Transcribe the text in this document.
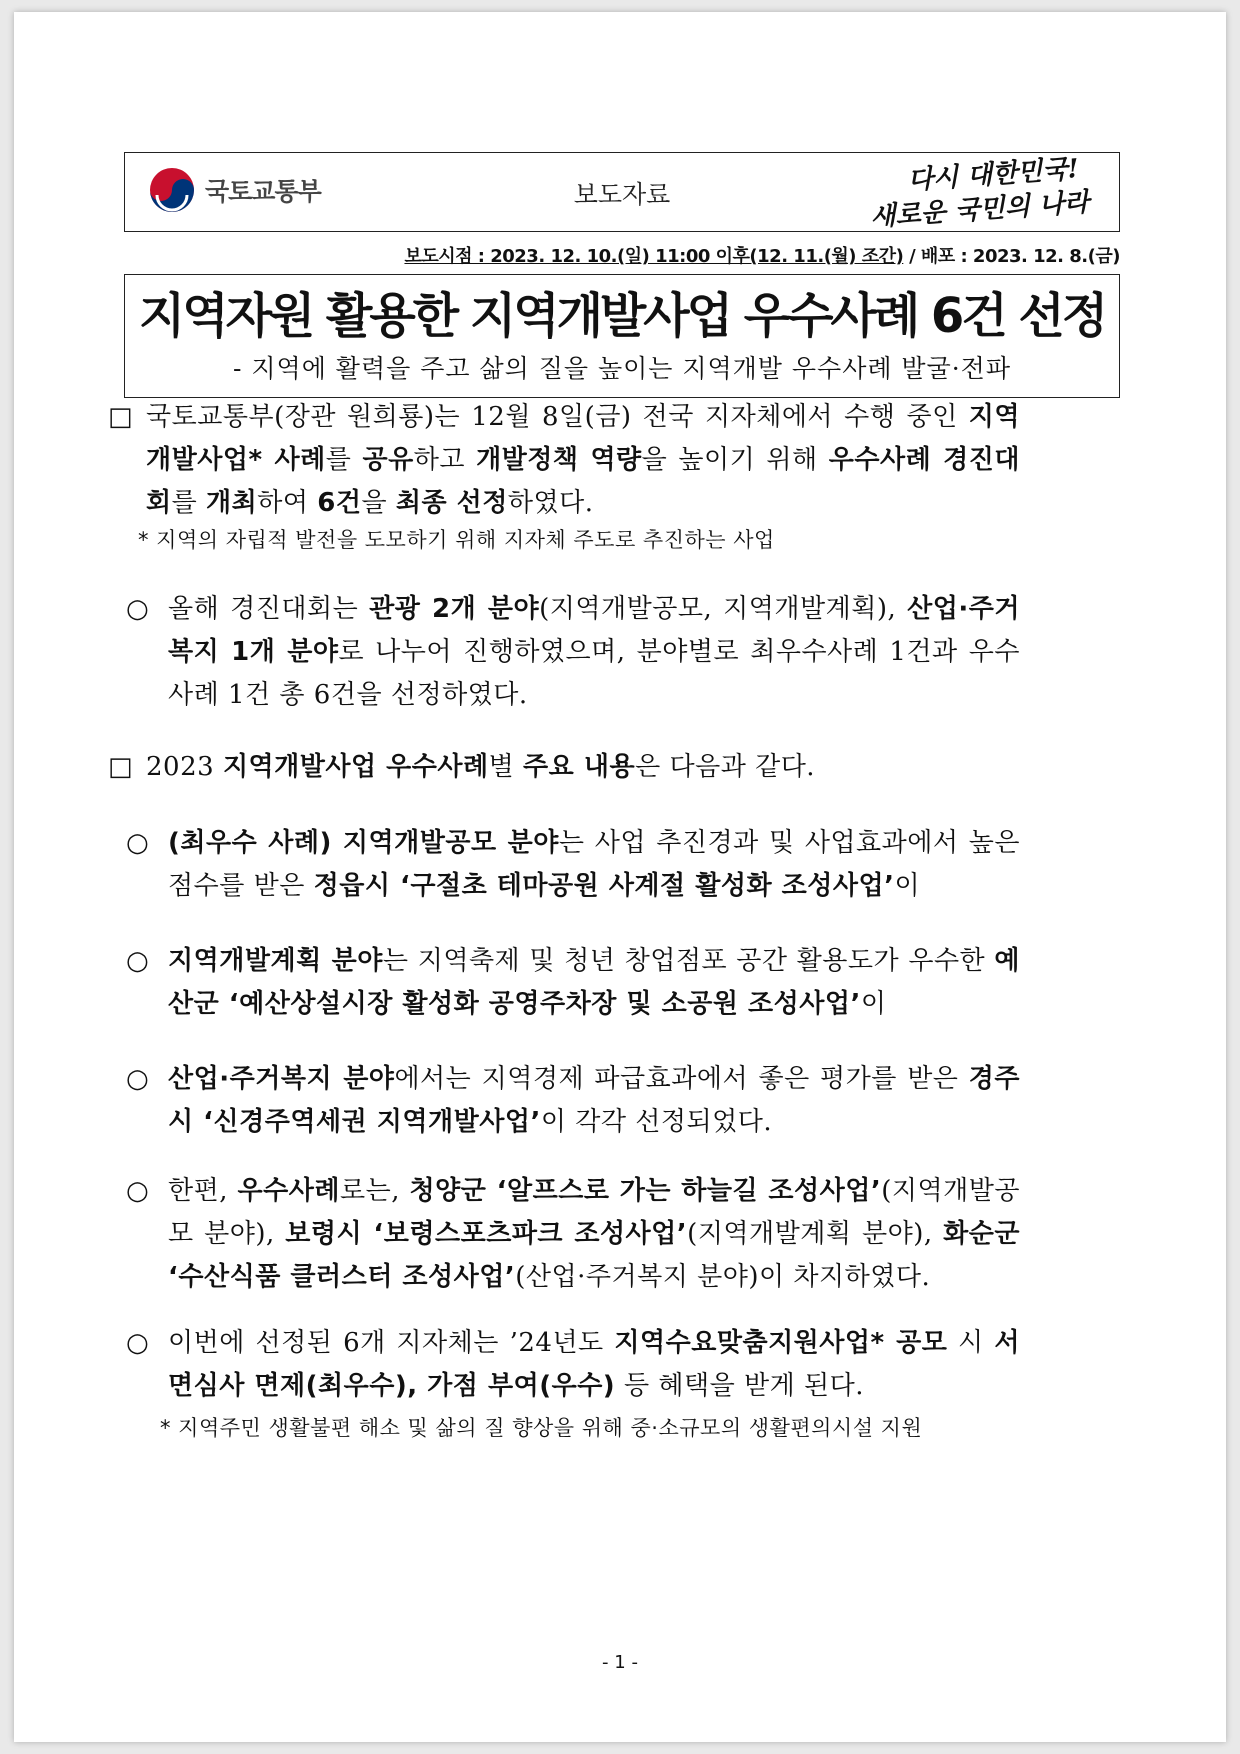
국토교통부	보도자료	다시 대한민국!
새로운 국민의 나라
보도시점 : 2023. 12. 10.(일) 11:00 이후(12. 11.(월) 조간) / 배포 : 2023. 12. 8.(금)
지역자원 활용한 지역개발사업 우수사례 6건 선정
- 지역에 활력을 주고 삶의 질을 높이는 지역개발 우수사례 발굴·전파
□ 국토교통부(장관 원희룡)는 12월 8일(금) 전국 지자체에서 수행 중인 지역개발사업* 사례를 공유하고 개발정책 역량을 높이기 위해 우수사례 경진대회를 개최하여 6건을 최종 선정하였다.
* 지역의 자립적 발전을 도모하기 위해 지자체 주도로 추진하는 사업
○ 올해 경진대회는 관광 2개 분야(지역개발공모, 지역개발계획), 산업·주거복지 1개 분야로 나누어 진행하였으며, 분야별로 최우수사례 1건과 우수사례 1건 총 6건을 선정하였다.
□ 2023 지역개발사업 우수사례별 주요 내용은 다음과 같다.
○ (최우수 사례) 지역개발공모 분야는 사업 추진경과 및 사업효과에서 높은 점수를 받은 정읍시 ‘구절초 테마공원 사계절 활성화 조성사업’이
○ 지역개발계획 분야는 지역축제 및 청년 창업점포 공간 활용도가 우수한 예산군 ‘예산상설시장 활성화 공영주차장 및 소공원 조성사업’이
○ 산업·주거복지 분야에서는 지역경제 파급효과에서 좋은 평가를 받은 경주시 ‘신경주역세권 지역개발사업’이 각각 선정되었다.
○ 한편, 우수사례로는, 청양군 ‘알프스로 가는 하늘길 조성사업’(지역개발공모 분야), 보령시 ‘보령스포츠파크 조성사업’(지역개발계획 분야), 화순군 ‘수산식품 클러스터 조성사업’(산업·주거복지 분야)이 차지하였다.
○ 이번에 선정된 6개 지자체는 ’24년도 지역수요맞춤지원사업* 공모 시 서면심사 면제(최우수), 가점 부여(우수) 등 혜택을 받게 된다.
* 지역주민 생활불편 해소 및 삶의 질 향상을 위해 중·소규모의 생활편의시설 지원
- 1 -
